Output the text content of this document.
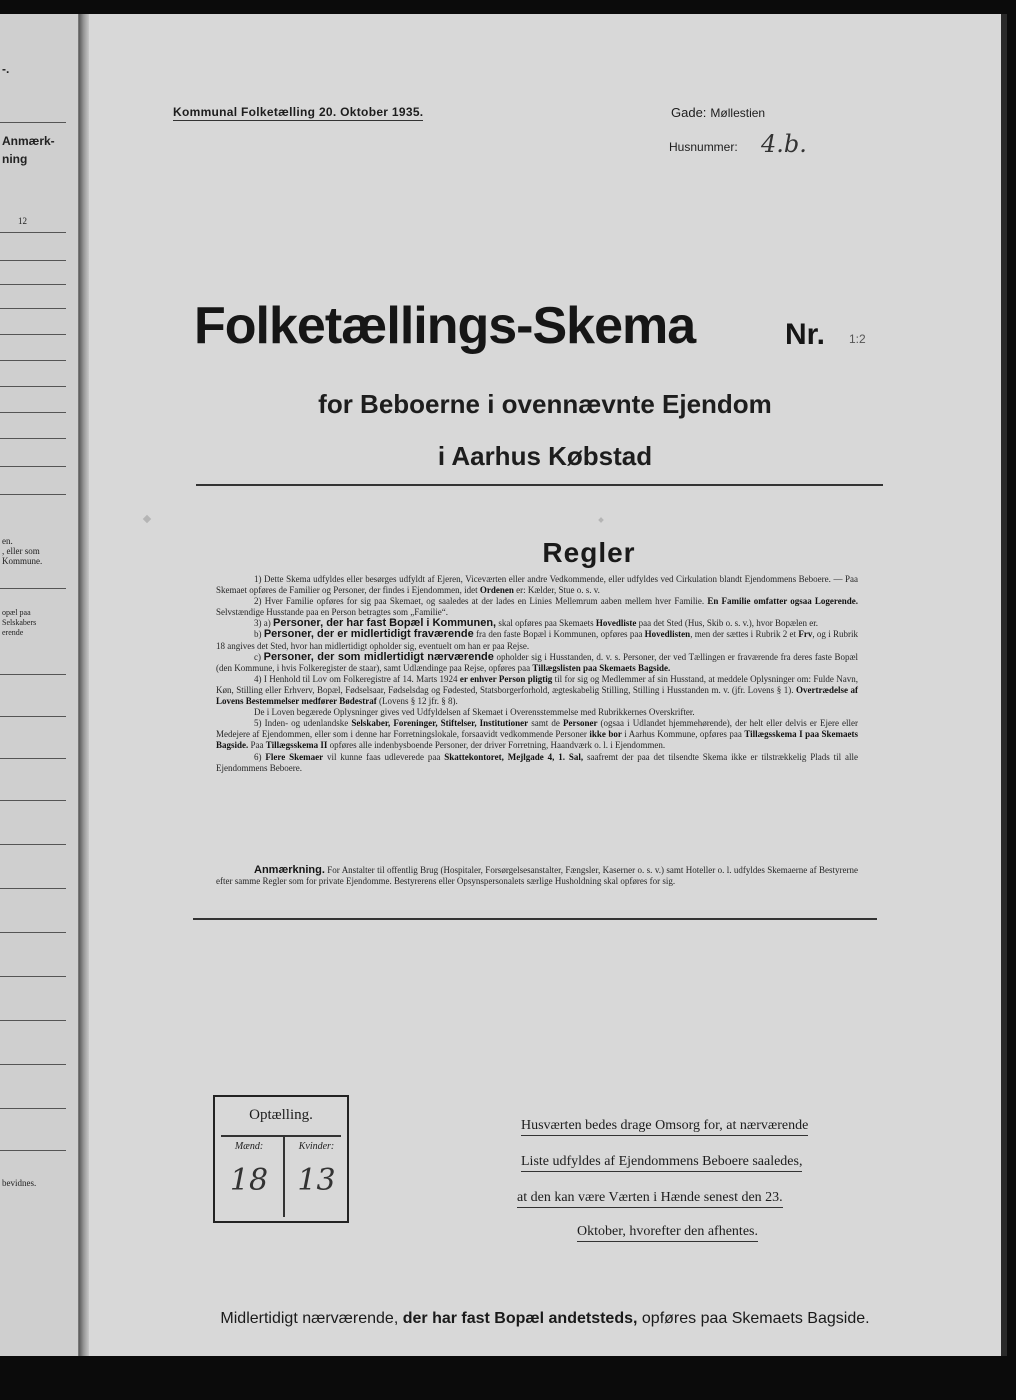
-.
Anmærk-
ning
12
en.
, eller som
Kommune.
opæl paa
Selskabers
erende
bevidnes.
Kommunal Folketælling 20. Oktober 1935.	Gade: Møllestien
Husnummer: 4.b.
Folketællings-Skema	Nr. 1:2
for Beboerne i ovennævnte Ejendom
i Aarhus Købstad
Regler

1) Dette Skema udfyldes eller besørges udfyldt af Ejeren, Viceværten eller andre Vedkommende, eller udfyldes ved Cirkulation blandt Ejendommens Beboere. — Paa Skemaet opføres de Familier og Personer, der findes i Ejendommen, idet Ordenen er: Kælder, Stue o. s. v.

2) Hver Familie opføres for sig paa Skemaet, og saaledes at der lades en Linies Mellemrum aaben mellem hver Familie. En Familie omfatter ogsaa Logerende. Selvstændige Husstande paa en Person betragtes som „Familie“.

3) a) Personer, der har fast Bopæl i Kommunen, skal opføres paa Skemaets Hovedliste paa det Sted (Hus, Skib o. s. v.), hvor Bopælen er.

b) Personer, der er midlertidigt fraværende fra den faste Bopæl i Kommunen, opføres paa Hovedlisten, men der sættes i Rubrik 2 et Frv, og i Rubrik 18 angives det Sted, hvor han midlertidigt opholder sig, eventuelt om han er paa Rejse.

c) Personer, der som midlertidigt nærværende opholder sig i Husstanden, d. v. s. Personer, der ved Tællingen er fraværende fra deres faste Bopæl (den Kommune, i hvis Folkeregister de staar), samt Udlændinge paa Rejse, opføres paa Tillægslisten paa Skemaets Bagside.

4) I Henhold til Lov om Folkeregistre af 14. Marts 1924 er enhver Person pligtig til for sig og Medlemmer af sin Husstand, at meddele Oplysninger om: Fulde Navn, Køn, Stilling eller Erhverv, Bopæl, Fødselsaar, Fødselsdag og Fødested, Statsborgerforhold, ægteskabelig Stilling, Stilling i Husstanden m. v. (jfr. Lovens § 1). Overtrædelse af Lovens Bestemmelser medfører Bødestraf (Lovens § 12 jfr. § 8).

De i Loven begærede Oplysninger gives ved Udfyldelsen af Skemaet i Overensstemmelse med Rubrikkernes Overskrifter.

5) Inden- og udenlandske Selskaber, Foreninger, Stiftelser, Institutioner samt de Personer (ogsaa i Udlandet hjemmehørende), der helt eller delvis er Ejere eller Medejere af Ejendommen, eller som i denne har Forretningslokale, forsaavidt vedkommende Personer ikke bor i Aarhus Kommune, opføres paa Tillægsskema I paa Skemaets Bagside. Paa Tillægsskema II opføres alle indenbysboende Personer, der driver Forretning, Haandværk o. l. i Ejendommen.

6) Flere Skemaer vil kunne faas udleverede paa Skattekontoret, Mejlgade 4, 1. Sal, saafremt der paa det tilsendte Skema ikke er tilstrækkelig Plads til alle Ejendommens Beboere.

Anmærkning. For Anstalter til offentlig Brug (Hospitaler, Forsørgelsesanstalter, Fængsler, Kaserner o. s. v.) samt Hoteller o. l. udfyldes Skemaerne af Bestyrerne efter samme Regler som for private Ejendomme. Bestyrerens eller Opsynspersonalets særlige Husholdning skal opføres for sig.

Optælling.
Mænd:	Kvinder:
18 13
Husværten bedes drage Omsorg for, at nærværende
Liste udfyldes af Ejendommens Beboere saaledes,
at den kan være Værten i Hænde senest den 23.
Oktober, hvorefter den afhentes.
Midlertidigt nærværende, der har fast Bopæl andetsteds, opføres paa Skemaets Bagside.
